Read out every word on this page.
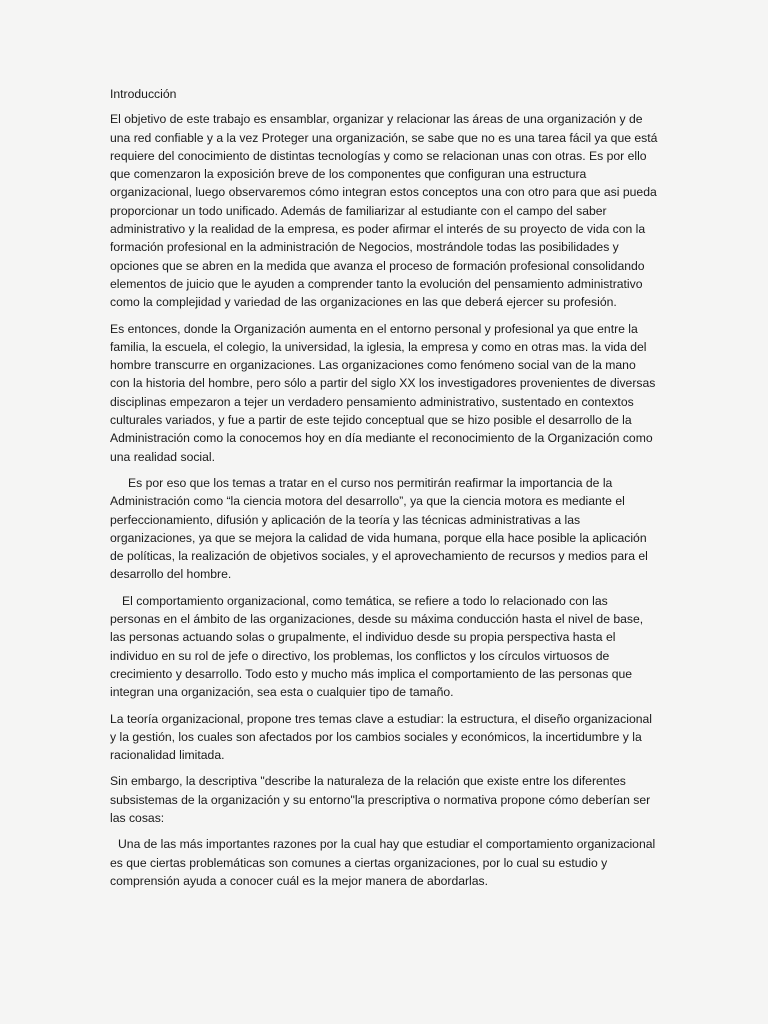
Introducción

El objetivo de este trabajo es ensamblar, organizar y relacionar las áreas de una organización y de una red confiable y a la vez Proteger una organización, se sabe que no es una tarea fácil ya que está requiere del conocimiento de distintas tecnologías y como se relacionan unas con otras. Es por ello que comenzaron la exposición breve de los componentes que configuran una estructura organizacional, luego observaremos cómo integran estos conceptos una con otro para que asi pueda proporcionar un todo unificado. Además de familiarizar al estudiante con el campo del saber administrativo y la realidad de la empresa, es poder afirmar el interés de su proyecto de vida con la formación profesional en la administración de Negocios, mostrándole todas las posibilidades y opciones que se abren en la medida que avanza el proceso de formación profesional consolidando elementos de juicio que le ayuden a comprender tanto la evolución del pensamiento administrativo como la complejidad y variedad de las organizaciones en las que deberá ejercer su profesión.

Es entonces, donde la Organización aumenta en el entorno personal y profesional ya que entre la familia, la escuela, el colegio, la universidad, la iglesia, la empresa y como en otras mas. la vida del hombre transcurre en organizaciones. Las organizaciones como fenómeno social van de la mano con la historia del hombre, pero sólo a partir del siglo XX los investigadores provenientes de diversas disciplinas empezaron a tejer un verdadero pensamiento administrativo, sustentado en contextos culturales variados, y fue a partir de este tejido conceptual que se hizo posible el desarrollo de la Administración como la conocemos hoy en día mediante el reconocimiento de la Organización como una realidad social.

Es por eso que los temas a tratar en el curso nos permitirán reafirmar la importancia de la Administración como “la ciencia motora del desarrollo”, ya que la ciencia motora es mediante el perfeccionamiento, difusión y aplicación de la teoría y las técnicas administrativas a las organizaciones, ya que se mejora la calidad de vida humana, porque ella hace posible la aplicación de políticas, la realización de objetivos sociales, y el aprovechamiento de recursos y medios para el desarrollo del hombre.

El comportamiento organizacional, como temática, se refiere a todo lo relacionado con las personas en el ámbito de las organizaciones, desde su máxima conducción hasta el nivel de base, las personas actuando solas o grupalmente, el individuo desde su propia perspectiva hasta el individuo en su rol de jefe o directivo, los problemas, los conflictos y los círculos virtuosos de crecimiento y desarrollo. Todo esto y mucho más implica el comportamiento de las personas que integran una organización, sea esta o cualquier tipo de tamaño.

La teoría organizacional, propone tres temas clave a estudiar: la estructura, el diseño organizacional y la gestión, los cuales son afectados por los cambios sociales y económicos, la incertidumbre y la racionalidad limitada.

Sin embargo, la descriptiva "describe la naturaleza de la relación que existe entre los diferentes subsistemas de la organización y su entorno"la prescriptiva o normativa propone cómo deberían ser las cosas:

Una de las más importantes razones por la cual hay que estudiar el comportamiento organizacional es que ciertas problemáticas son comunes a ciertas organizaciones, por lo cual su estudio y comprensión ayuda a conocer cuál es la mejor manera de abordarlas.
